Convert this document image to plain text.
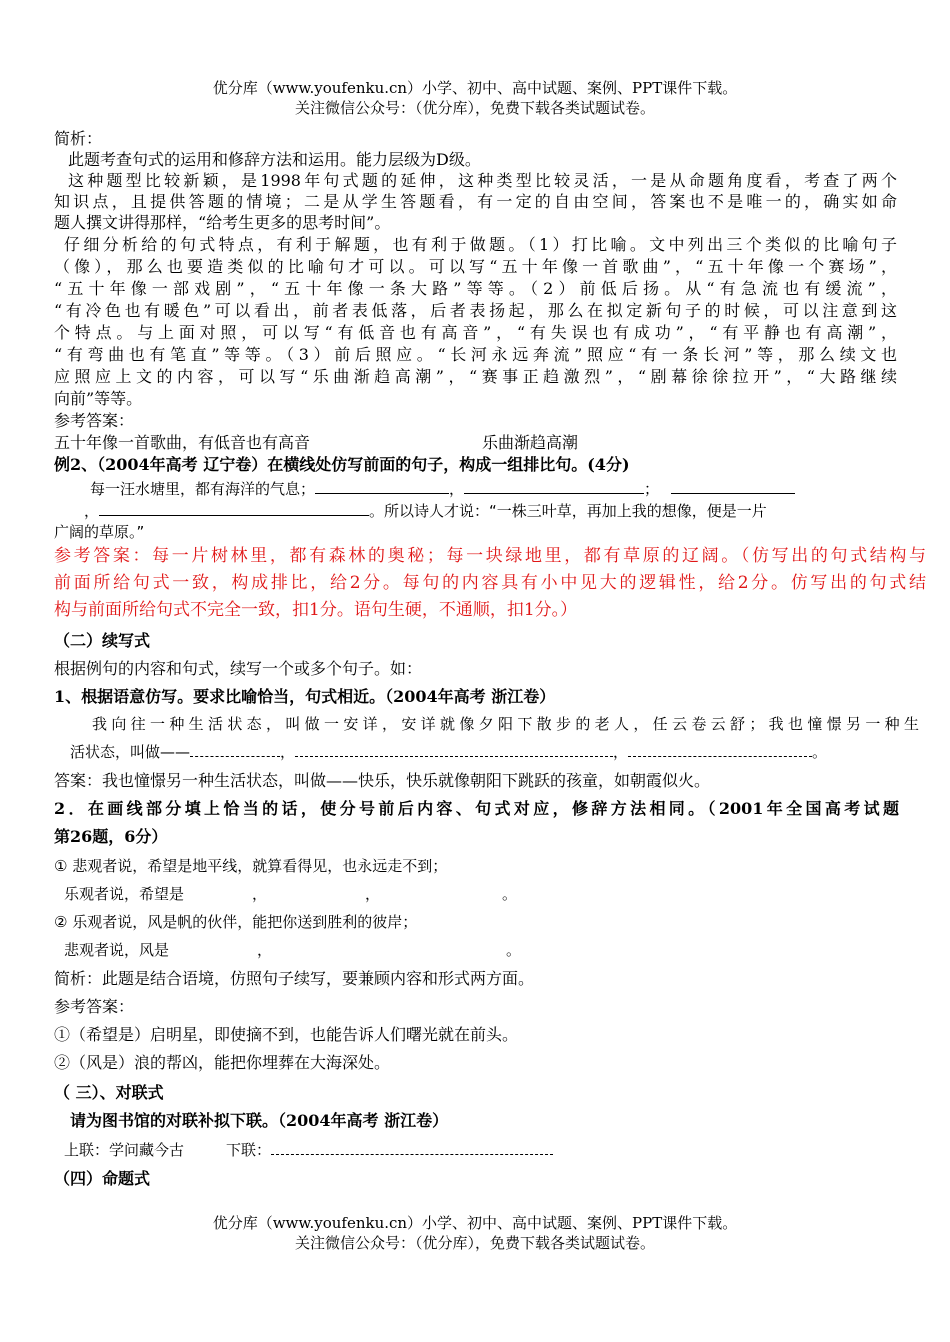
优分库（www.youfenku.cn）小学、初中、高中试题、案例、PPT课件下载。
关注微信公众号：（优分库），免费下载各类试题试卷。
简析：
此题考查句式的运用和修辞方法和运用。能力层级为D级。
这种题型比较新颖，是1998年句式题的延伸，这种类型比较灵活，一是从命题角度看，考查了两个
知识点，且提供答题的情境；二是从学生答题看，有一定的自由空间，答案也不是唯一的，确实如命
题人撰文讲得那样，“给考生更多的思考时间”。
仔细分析给的句式特点，有利于解题，也有利于做题。（1）打比喻。文中列出三个类似的比喻句子
（像），那么也要造类似的比喻句才可以。可以写“五十年像一首歌曲”，“五十年像一个赛场”，
“五十年像一部戏剧”，“五十年像一条大路”等等。（2）前低后扬。从“有急流也有缓流”，
“有冷色也有暖色”可以看出，前者表低落，后者表扬起，那么在拟定新句子的时候，可以注意到这
个特点。与上面对照，可以写“有低音也有高音”，“有失误也有成功”，“有平静也有高潮”，
“有弯曲也有笔直”等等。（3）前后照应。“长河永远奔流”照应“有一条长河”等，那么续文也
应照应上文的内容，可以写“乐曲渐趋高潮”，“赛事正趋激烈”，“剧幕徐徐拉开”，“大路继续
向前”等等。
参考答案：
五十年像一首歌曲，有低音也有高音	乐曲渐趋高潮
例2、（2004年高考 辽宁卷）在横线处仿写前面的句子，构成一组排比句。(4分)
每一汪水塘里，都有海洋的气息；	，	；
，	。所以诗人才说：“一株三叶草，再加上我的想像，便是一片
广阔的草原。”
参考答案：每一片树林里，都有森林的奥秘；每一块绿地里，都有草原的辽阔。（仿写出的句式结构与
前面所给句式一致，构成排比，给2分。每句的内容具有小中见大的逻辑性，给2分。仿写出的句式结
构与前面所给句式不完全一致，扣1分。语句生硬，不通顺，扣1分。）
（二）续写式
根据例句的内容和句式，续写一个或多个句子。如：
1、根据语意仿写。要求比喻恰当，句式相近。（2004年高考 浙江卷）
我向往一种生活状态，叫做一安详，安详就像夕阳下散步的老人，任云卷云舒；我也憧憬另一种生
活状态，叫做——	，	，	。
答案：我也憧憬另一种生活状态，叫做——快乐，快乐就像朝阳下跳跃的孩童，如朝霞似火。
2．在画线部分填上恰当的话，使分号前后内容、句式对应，修辞方法相同。（2001年全国高考试题
第26题，6分）
① 悲观者说，希望是地平线，就算看得见，也永远走不到；
乐观者说，希望是	，	，	。
② 乐观者说，风是帆的伙伴，能把你送到胜利的彼岸；
悲观者说，风是	，	。
简析：此题是结合语境，仿照句子续写，要兼顾内容和形式两方面。
参考答案：
①（希望是）启明星，即使摘不到，也能告诉人们曙光就在前头。
②（风是）浪的帮凶，能把你埋葬在大海深处。
（ 三）、对联式
请为图书馆的对联补拟下联。（2004年高考 浙江卷）
上联：学问藏今古	下联：
（四）命题式
优分库（www.youfenku.cn）小学、初中、高中试题、案例、PPT课件下载。
关注微信公众号：（优分库），免费下载各类试题试卷。
